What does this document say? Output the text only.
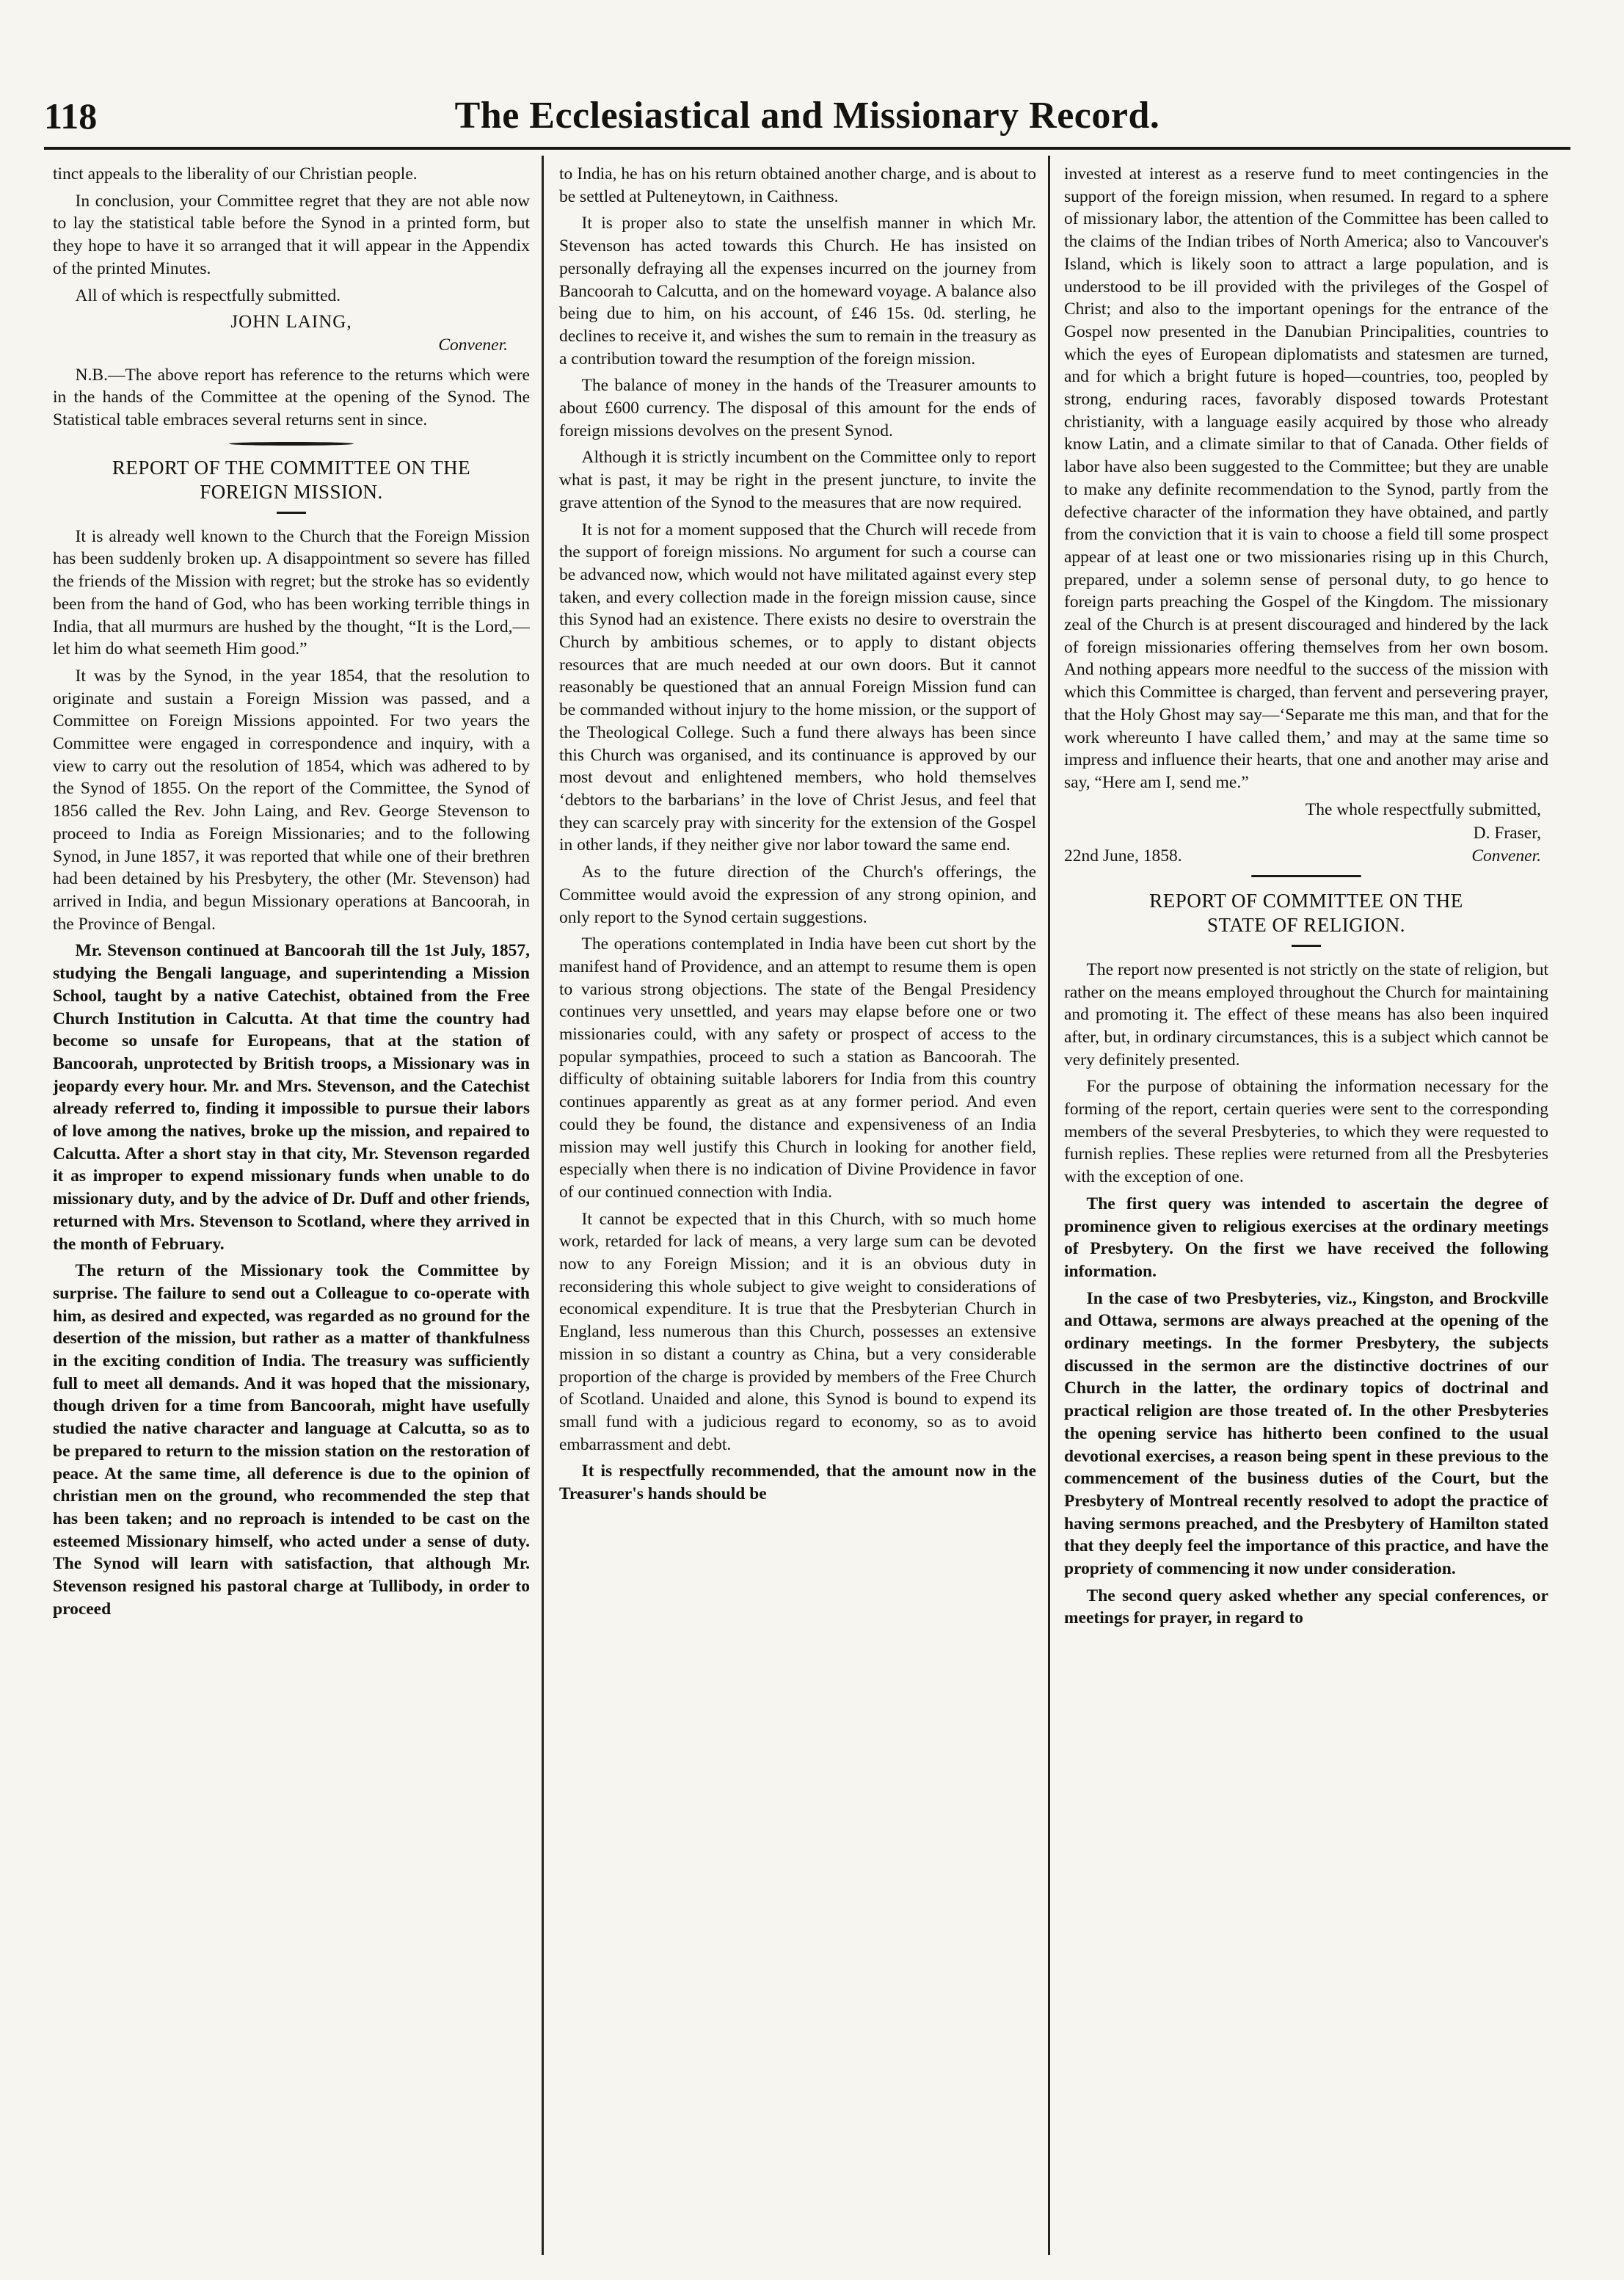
118	The Ecclesiastical and Missionary Record.

tinct appeals to the liberality of our Christian people.

In conclusion, your Committee regret that they are not able now to lay the statistical table before the Synod in a printed form, but they hope to have it so arranged that it will appear in the Appendix of the printed Minutes.

All of which is respectfully submitted.

JOHN LAING,
Convener.

N.B.—The above report has reference to the returns which were in the hands of the Committee at the opening of the Synod. The Statistical table embraces several returns sent in since.

REPORT OF THE COMMITTEE ON THE
FOREIGN MISSION.

It is already well known to the Church that the Foreign Mission has been suddenly broken up. A disappointment so severe has filled the friends of the Mission with regret; but the stroke has so evidently been from the hand of God, who has been working terrible things in India, that all murmurs are hushed by the thought, “It is the Lord,—let him do what seemeth Him good.”

It was by the Synod, in the year 1854, that the resolution to originate and sustain a Foreign Mission was passed, and a Committee on Foreign Missions appointed. For two years the Committee were engaged in correspondence and inquiry, with a view to carry out the resolution of 1854, which was adhered to by the Synod of 1855. On the report of the Committee, the Synod of 1856 called the Rev. John Laing, and Rev. George Stevenson to proceed to India as Foreign Missionaries; and to the following Synod, in June 1857, it was reported that while one of their brethren had been detained by his Presbytery, the other (Mr. Stevenson) had arrived in India, and begun Missionary operations at Bancoorah, in the Province of Bengal.

Mr. Stevenson continued at Bancoorah till the 1st July, 1857, studying the Bengali language, and superintending a Mission School, taught by a native Catechist, obtained from the Free Church Institution in Calcutta. At that time the country had become so unsafe for Europeans, that at the station of Bancoorah, unprotected by British troops, a Missionary was in jeopardy every hour. Mr. and Mrs. Stevenson, and the Catechist already referred to, finding it impossible to pursue their labors of love among the natives, broke up the mission, and repaired to Calcutta. After a short stay in that city, Mr. Stevenson regarded it as improper to expend missionary funds when unable to do missionary duty, and by the advice of Dr. Duff and other friends, returned with Mrs. Stevenson to Scotland, where they arrived in the month of February.

The return of the Missionary took the Committee by surprise. The failure to send out a Colleague to co-operate with him, as desired and expected, was regarded as no ground for the desertion of the mission, but rather as a matter of thankfulness in the exciting condition of India. The treasury was sufficiently full to meet all demands. And it was hoped that the missionary, though driven for a time from Bancoorah, might have usefully studied the native character and language at Calcutta, so as to be prepared to return to the mission station on the restoration of peace. At the same time, all deference is due to the opinion of christian men on the ground, who recommended the step that has been taken; and no reproach is intended to be cast on the esteemed Missionary himself, who acted under a sense of duty. The Synod will learn with satisfaction, that although Mr. Stevenson resigned his pastoral charge at Tullibody, in order to proceed

to India, he has on his return obtained another charge, and is about to be settled at Pulteneytown, in Caithness.

It is proper also to state the unselfish manner in which Mr. Stevenson has acted towards this Church. He has insisted on personally defraying all the expenses incurred on the journey from Bancoorah to Calcutta, and on the homeward voyage. A balance also being due to him, on his account, of £46 15s. 0d. sterling, he declines to receive it, and wishes the sum to remain in the treasury as a contribution toward the resumption of the foreign mission.

The balance of money in the hands of the Treasurer amounts to about £600 currency. The disposal of this amount for the ends of foreign missions devolves on the present Synod.

Although it is strictly incumbent on the Committee only to report what is past, it may be right in the present juncture, to invite the grave attention of the Synod to the measures that are now required.

It is not for a moment supposed that the Church will recede from the support of foreign missions. No argument for such a course can be advanced now, which would not have militated against every step taken, and every collection made in the foreign mission cause, since this Synod had an existence. There exists no desire to overstrain the Church by ambitious schemes, or to apply to distant objects resources that are much needed at our own doors. But it cannot reasonably be questioned that an annual Foreign Mission fund can be commanded without injury to the home mission, or the support of the Theological College. Such a fund there always has been since this Church was organised, and its continuance is approved by our most devout and enlightened members, who hold themselves ‘debtors to the barbarians’ in the love of Christ Jesus, and feel that they can scarcely pray with sincerity for the extension of the Gospel in other lands, if they neither give nor labor toward the same end.

As to the future direction of the Church's offerings, the Committee would avoid the expression of any strong opinion, and only report to the Synod certain suggestions.

The operations contemplated in India have been cut short by the manifest hand of Providence, and an attempt to resume them is open to various strong objections. The state of the Bengal Presidency continues very unsettled, and years may elapse before one or two missionaries could, with any safety or prospect of access to the popular sympathies, proceed to such a station as Bancoorah. The difficulty of obtaining suitable laborers for India from this country continues apparently as great as at any former period. And even could they be found, the distance and expensiveness of an India mission may well justify this Church in looking for another field, especially when there is no indication of Divine Providence in favor of our continued connection with India.

It cannot be expected that in this Church, with so much home work, retarded for lack of means, a very large sum can be devoted now to any Foreign Mission; and it is an obvious duty in reconsidering this whole subject to give weight to considerations of economical expenditure. It is true that the Presbyterian Church in England, less numerous than this Church, possesses an extensive mission in so distant a country as China, but a very considerable proportion of the charge is provided by members of the Free Church of Scotland. Unaided and alone, this Synod is bound to expend its small fund with a judicious regard to economy, so as to avoid embarrassment and debt.

It is respectfully recommended, that the amount now in the Treasurer's hands should be

invested at interest as a reserve fund to meet contingencies in the support of the foreign mission, when resumed. In regard to a sphere of missionary labor, the attention of the Committee has been called to the claims of the Indian tribes of North America; also to Vancouver's Island, which is likely soon to attract a large population, and is understood to be ill provided with the privileges of the Gospel of Christ; and also to the important openings for the entrance of the Gospel now presented in the Danubian Principalities, countries to which the eyes of European diplomatists and statesmen are turned, and for which a bright future is hoped—countries, too, peopled by strong, enduring races, favorably disposed towards Protestant christianity, with a language easily acquired by those who already know Latin, and a climate similar to that of Canada. Other fields of labor have also been suggested to the Committee; but they are unable to make any definite recommendation to the Synod, partly from the defective character of the information they have obtained, and partly from the conviction that it is vain to choose a field till some prospect appear of at least one or two missionaries rising up in this Church, prepared, under a solemn sense of personal duty, to go hence to foreign parts preaching the Gospel of the Kingdom. The missionary zeal of the Church is at present discouraged and hindered by the lack of foreign missionaries offering themselves from her own bosom. And nothing appears more needful to the success of the mission with which this Committee is charged, than fervent and persevering prayer, that the Holy Ghost may say—‘Separate me this man, and that for the work whereunto I have called them,’ and may at the same time so impress and influence their hearts, that one and another may arise and say, “Here am I, send me.”

The whole respectfully submitted,
D. Fraser,
22nd June, 1858.	Convener.
REPORT OF COMMITTEE ON THE
STATE OF RELIGION.

The report now presented is not strictly on the state of religion, but rather on the means employed throughout the Church for maintaining and promoting it. The effect of these means has also been inquired after, but, in ordinary circumstances, this is a subject which cannot be very definitely presented.

For the purpose of obtaining the information necessary for the forming of the report, certain queries were sent to the corresponding members of the several Presbyteries, to which they were requested to furnish replies. These replies were returned from all the Presbyteries with the exception of one.

The first query was intended to ascertain the degree of prominence given to religious exercises at the ordinary meetings of Presbytery. On the first we have received the following information.

In the case of two Presbyteries, viz., Kingston, and Brockville and Ottawa, sermons are always preached at the opening of the ordinary meetings. In the former Presbytery, the subjects discussed in the sermon are the distinctive doctrines of our Church in the latter, the ordinary topics of doctrinal and practical religion are those treated of. In the other Presbyteries the opening service has hitherto been confined to the usual devotional exercises, a reason being spent in these previous to the commencement of the business duties of the Court, but the Presbytery of Montreal recently resolved to adopt the practice of having sermons preached, and the Presbytery of Hamilton stated that they deeply feel the importance of this practice, and have the propriety of commencing it now under consideration.

The second query asked whether any special conferences, or meetings for prayer, in regard to
